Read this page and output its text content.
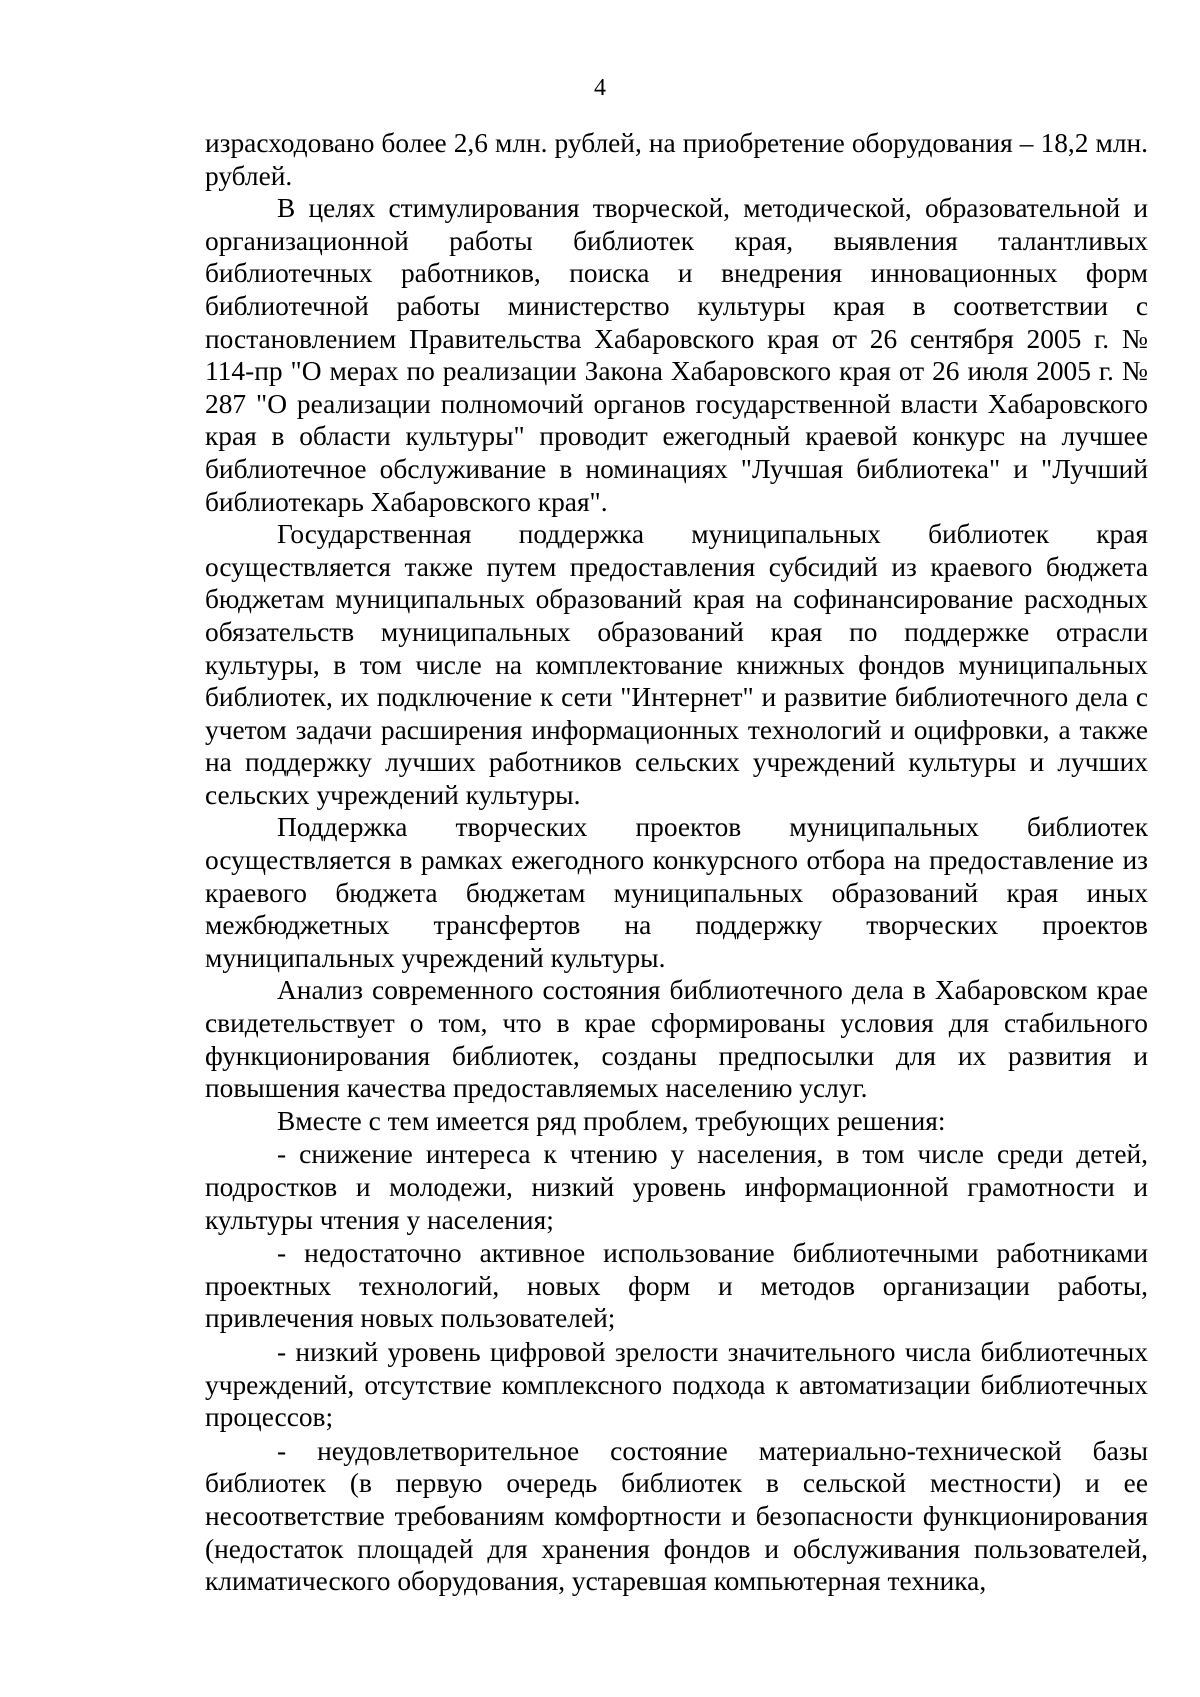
4

израсходовано более 2,6 млн. рублей, на приобретение оборудования – 18,2 млн. рублей.

В целях стимулирования творческой, методической, образовательной и организационной работы библиотек края, выявления талантливых библиотечных работников, поиска и внедрения инновационных форм библиотечной работы министерство культуры края в соответствии с постановлением Правительства Хабаровского края от 26 сентября 2005 г. № 114-пр "О мерах по реализации Закона Хабаровского края от 26 июля 2005 г. № 287 "О реализации полномочий органов государственной власти Хабаровского края в области культуры" проводит ежегодный краевой конкурс на лучшее библиотечное обслуживание в номинациях "Лучшая библиотека" и "Лучший библиотекарь Хабаровского края".

Государственная поддержка муниципальных библиотек края осуществляется также путем предоставления субсидий из краевого бюджета бюджетам муниципальных образований края на софинансирование расходных обязательств муниципальных образований края по поддержке отрасли культуры, в том числе на комплектование книжных фондов муниципальных библиотек, их подключение к сети "Интернет" и развитие библиотечного дела с учетом задачи расширения информационных технологий и оцифровки, а также на поддержку лучших работников сельских учреждений культуры и лучших сельских учреждений культуры.

Поддержка творческих проектов муниципальных библиотек осуществляется в рамках ежегодного конкурсного отбора на предоставление из краевого бюджета бюджетам муниципальных образований края иных межбюджетных трансфертов на поддержку творческих проектов муниципальных учреждений культуры.

Анализ современного состояния библиотечного дела в Хабаровском крае свидетельствует о том, что в крае сформированы условия для стабильного функционирования библиотек, созданы предпосылки для их развития и повышения качества предоставляемых населению услуг.

Вместе с тем имеется ряд проблем, требующих решения:

- снижение интереса к чтению у населения, в том числе среди детей, подростков и молодежи, низкий уровень информационной грамотности и культуры чтения у населения;

- недостаточно активное использование библиотечными работниками проектных технологий, новых форм и методов организации работы, привлечения новых пользователей;

- низкий уровень цифровой зрелости значительного числа библиотечных учреждений, отсутствие комплексного подхода к автоматизации библиотечных процессов;

- неудовлетворительное состояние материально-технической базы библиотек (в первую очередь библиотек в сельской местности) и ее несоответствие требованиям комфортности и безопасности функционирования (недостаток площадей для хранения фондов и обслуживания пользователей, климатического оборудования, устаревшая компьютерная техника,
